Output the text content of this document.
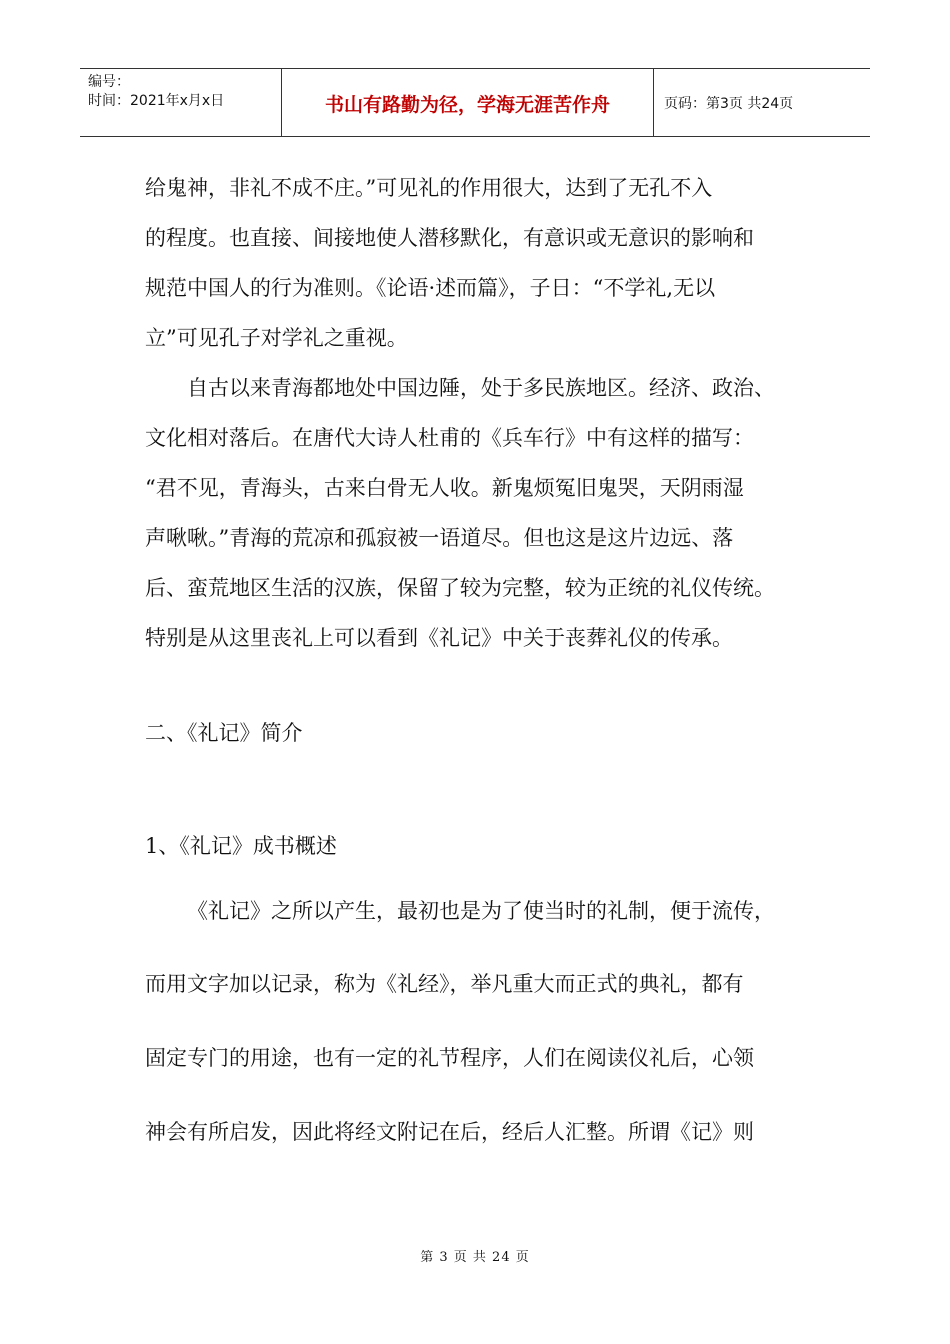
编号：
时间：2021年x月x日	书山有路勤为径，学海无涯苦作舟	页码：第3页 共24页
给鬼神，非礼不成不庄。”可见礼的作用很大，达到了无孔不入
的程度。也直接、间接地使人潜移默化，有意识或无意识的影响和
规范中国人的行为准则。《论语·述而篇》，子日：“不学礼,无以
立”可见孔子对学礼之重视。
自古以来青海都地处中国边陲，处于多民族地区。经济、政治、
文化相对落后。在唐代大诗人杜甫的《兵车行》中有这样的描写：
“君不见，青海头，古来白骨无人收。新鬼烦冤旧鬼哭，天阴雨湿
声啾啾。”青海的荒凉和孤寂被一语道尽。但也这是这片边远、落
后、蛮荒地区生活的汉族，保留了较为完整，较为正统的礼仪传统。
特别是从这里丧礼上可以看到《礼记》中关于丧葬礼仪的传承。
二、《礼记》简介
1、《礼记》成书概述
《礼记》之所以产生，最初也是为了使当时的礼制，便于流传，
而用文字加以记录，称为《礼经》，举凡重大而正式的典礼，都有
固定专门的用途，也有一定的礼节程序，人们在阅读仪礼后，心领
神会有所启发，因此将经文附记在后，经后人汇整。所谓《记》则
第 3 页 共 24 页
